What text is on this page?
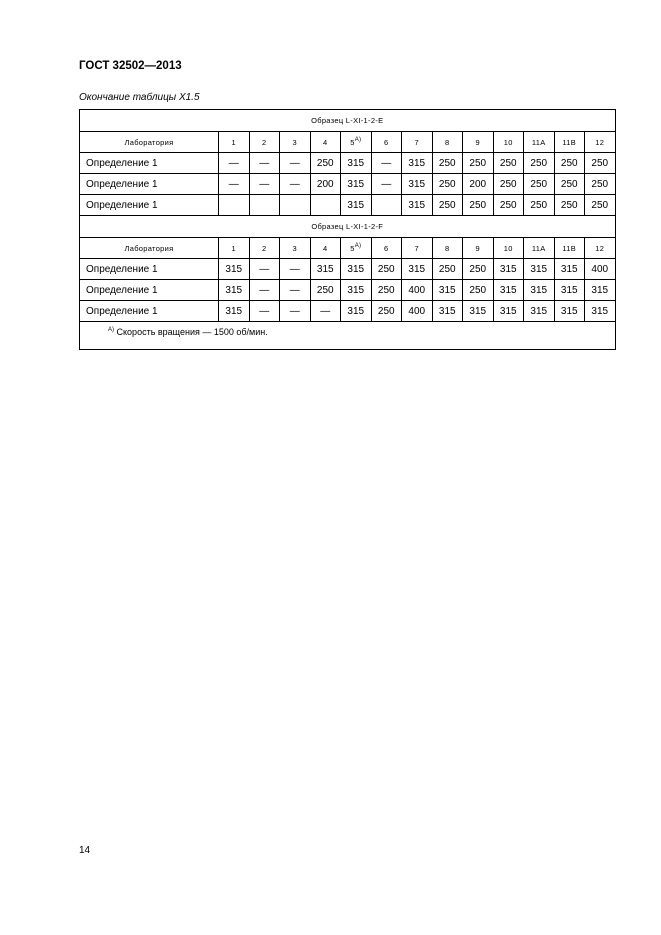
ГОСТ 32502—2013
Окончание таблицы X1.5
Образец L-XI-1-2-E													
Лаборатория	1	2	3	4	$5^{A)}$	6	7	8	9	10	11A	11B	12
Определение 1	—	—	—	250	315	—	315	250	250	250	250	250	250
Определение 1	—	—	—	200	315	—	315	250	200	250	250	250	250
Определение 1					315		315	250	250	250	250	250	250
Образец L-XI-1-2-F													
Лаборатория	1	2	3	4	$5^{A)}$	6	7	8	9	10	11A	11B	12
Определение 1	315	—	—	315	315	250	315	250	250	315	315	315	400
Определение 1	315	—	—	250	315	250	400	315	250	315	315	315	315
Определение 1	315	—	—	—	315	250	400	315	315	315	315	315	315
$^{A)}$ Скорость вращения — 1500 об/мин.													
14
